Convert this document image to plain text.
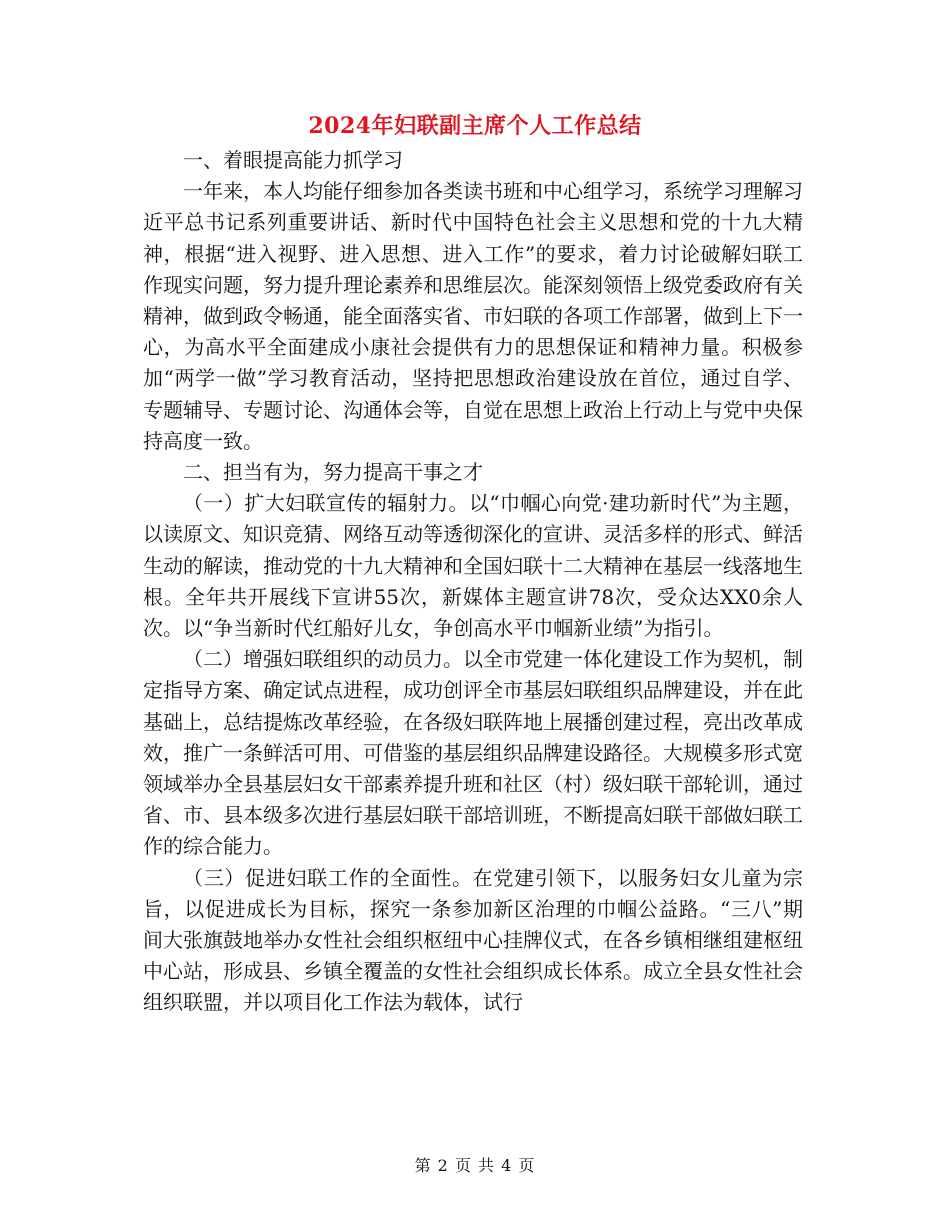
2024年妇联副主席个人工作总结

一、着眼提高能力抓学习

一年来，本人均能仔细参加各类读书班和中心组学习，系统学习理解习近平总书记系列重要讲话、新时代中国特色社会主义思想和党的十九大精神，根据“进入视野、进入思想、进入工作”的要求，着力讨论破解妇联工作现实问题，努力提升理论素养和思维层次。能深刻领悟上级党委政府有关精神，做到政令畅通，能全面落实省、市妇联的各项工作部署，做到上下一心，为高水平全面建成小康社会提供有力的思想保证和精神力量。积极参加“两学一做”学习教育活动，坚持把思想政治建设放在首位，通过自学、专题辅导、专题讨论、沟通体会等，自觉在思想上政治上行动上与党中央保持高度一致。

二、担当有为，努力提高干事之才

（一）扩大妇联宣传的辐射力。以“巾帼心向党·建功新时代”为主题，以读原文、知识竞猜、网络互动等透彻深化的宣讲、灵活多样的形式、鲜活生动的解读，推动党的十九大精神和全国妇联十二大精神在基层一线落地生根。全年共开展线下宣讲55次，新媒体主题宣讲78次，受众达XX0余人次。以“争当新时代红船好儿女，争创高水平巾帼新业绩”为指引。

（二）增强妇联组织的动员力。以全市党建一体化建设工作为契机，制定指导方案、确定试点进程，成功创评全市基层妇联组织品牌建设，并在此基础上，总结提炼改革经验，在各级妇联阵地上展播创建过程，亮出改革成效，推广一条鲜活可用、可借鉴的基层组织品牌建设路径。大规模多形式宽领域举办全县基层妇女干部素养提升班和社区（村）级妇联干部轮训，通过省、市、县本级多次进行基层妇联干部培训班，不断提高妇联干部做妇联工作的综合能力。

（三）促进妇联工作的全面性。在党建引领下，以服务妇女儿童为宗旨，以促进成长为目标，探究一条参加新区治理的巾帼公益路。“三八”期间大张旗鼓地举办女性社会组织枢纽中心挂牌仪式，在各乡镇相继组建枢纽中心站，形成县、乡镇全覆盖的女性社会组织成长体系。成立全县女性社会组织联盟，并以项目化工作法为载体，试行

第 2 页 共 4 页
